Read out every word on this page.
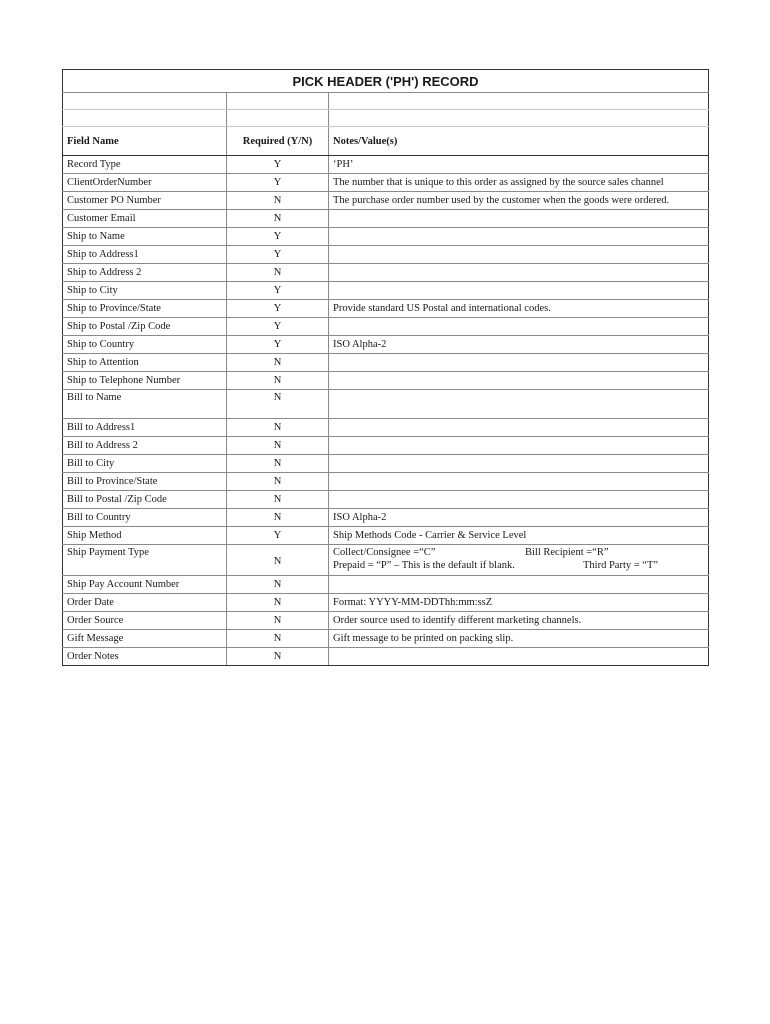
PICK HEADER ('PH') RECORD		

Field Name	Required (Y/N)	Notes/Value(s)
Record Type	Y	‘PH’
ClientOrderNumber	Y	The number that is unique to this order as assigned by the source sales channel
Customer PO Number	N	The purchase order number used by the customer when the goods were ordered.
Customer Email	N	
Ship to Name	Y	
Ship to Address1	Y	
Ship to Address 2	N	
Ship to City	Y	
Ship to Province/State	Y	Provide standard US Postal and international codes.
Ship to Postal /Zip Code	Y	
Ship to Country	Y	ISO Alpha-2
Ship to Attention	N	
Ship to Telephone Number	N	
Bill to Name	N	
Bill to Address1	N	
Bill to Address 2	N	
Bill to City	N	
Bill to Province/State	N	
Bill to Postal /Zip Code	N	
Bill to Country	N	ISO Alpha-2
Ship Method	Y	Ship Methods Code - Carrier & Service Level
Ship Payment Type	N	Collect/Consignee =“C” Bill Recipient =“R”
Prepaid = “P” – This is the default if blank. Third Party = “T”

Ship Pay Account Number	N	
Order Date	N	Format: YYYY-MM-DDThh:mm:ssZ
Order Source	N	Order source used to identify different marketing channels.
Gift Message	N	Gift message to be printed on packing slip.
Order Notes	N	
